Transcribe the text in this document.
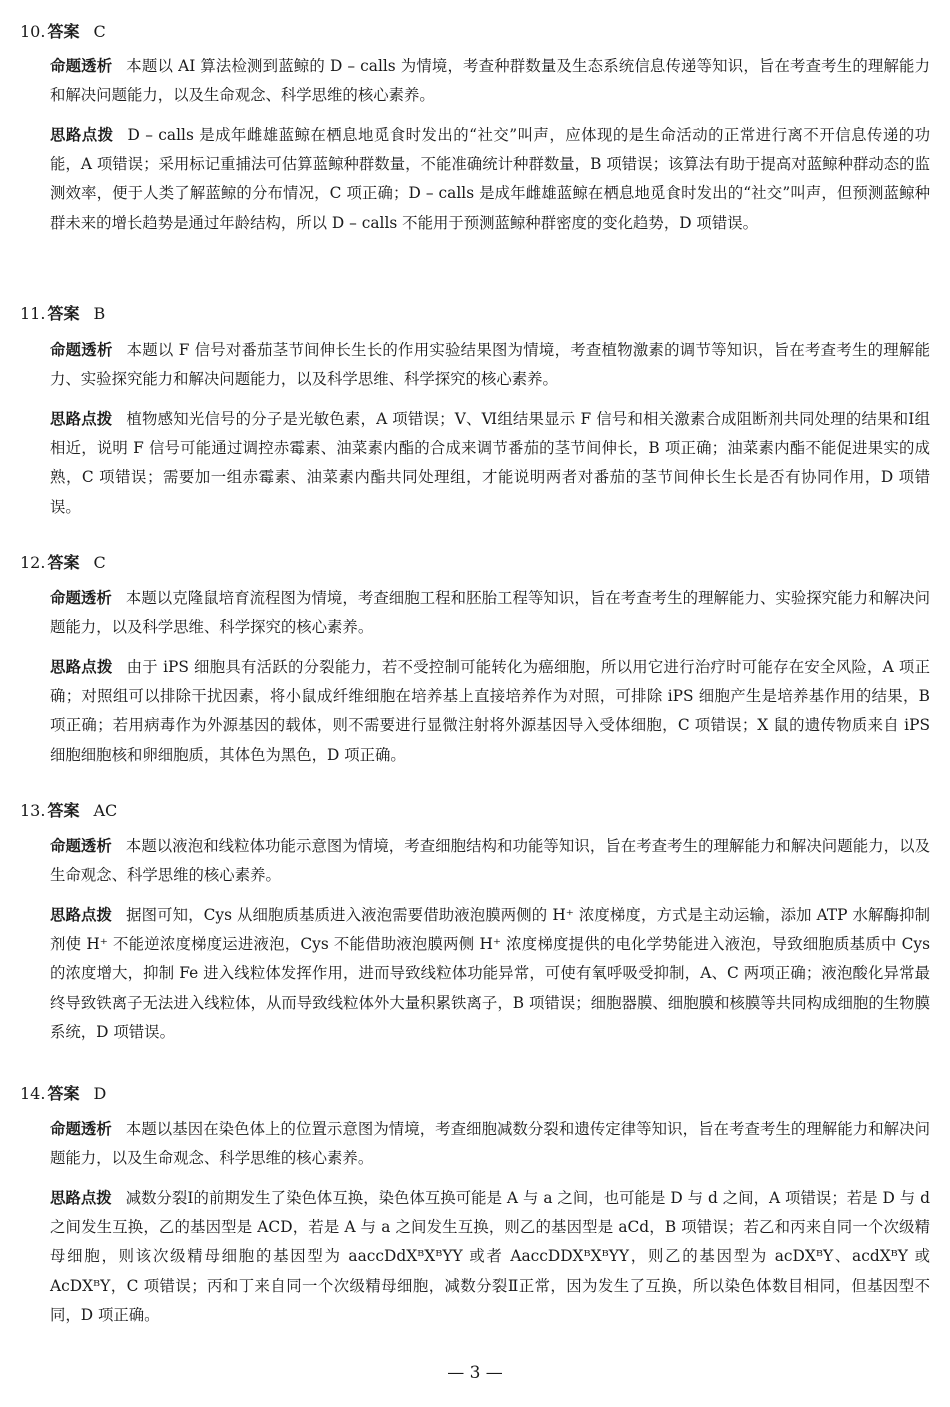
10. 答案 C
命题透析 本题以 AI 算法检测到蓝鲸的 D – calls 为情境，考查种群数量及生态系统信息传递等知识，旨在考查考生的理解能力和解决问题能力，以及生命观念、科学思维的核心素养。
思路点拨 D – calls 是成年雌雄蓝鲸在栖息地觅食时发出的“社交”叫声，应体现的是生命活动的正常进行离不开信息传递的功能，A 项错误；采用标记重捕法可估算蓝鲸种群数量，不能准确统计种群数量，B 项错误；该算法有助于提高对蓝鲸种群动态的监测效率，便于人类了解蓝鲸的分布情况，C 项正确；D – calls 是成年雌雄蓝鲸在栖息地觅食时发出的“社交”叫声，但预测蓝鲸种群未来的增长趋势是通过年龄结构，所以 D – calls 不能用于预测蓝鲸种群密度的变化趋势，D 项错误。
11. 答案 B
命题透析 本题以 F 信号对番茄茎节间伸长生长的作用实验结果图为情境，考查植物激素的调节等知识，旨在考查考生的理解能力、实验探究能力和解决问题能力，以及科学思维、科学探究的核心素养。
思路点拨 植物感知光信号的分子是光敏色素，A 项错误；Ⅴ、Ⅵ组结果显示 F 信号和相关激素合成阻断剂共同处理的结果和Ⅰ组相近，说明 F 信号可能通过调控赤霉素、油菜素内酯的合成来调节番茄的茎节间伸长，B 项正确；油菜素内酯不能促进果实的成熟，C 项错误；需要加一组赤霉素、油菜素内酯共同处理组，才能说明两者对番茄的茎节间伸长生长是否有协同作用，D 项错误。
12. 答案 C
命题透析 本题以克隆鼠培育流程图为情境，考查细胞工程和胚胎工程等知识，旨在考查考生的理解能力、实验探究能力和解决问题能力，以及科学思维、科学探究的核心素养。
思路点拨 由于 iPS 细胞具有活跃的分裂能力，若不受控制可能转化为癌细胞，所以用它进行治疗时可能存在安全风险，A 项正确；对照组可以排除干扰因素，将小鼠成纤维细胞在培养基上直接培养作为对照，可排除 iPS 细胞产生是培养基作用的结果，B 项正确；若用病毒作为外源基因的载体，则不需要进行显微注射将外源基因导入受体细胞，C 项错误；X 鼠的遗传物质来自 iPS 细胞细胞核和卵细胞质，其体色为黑色，D 项正确。
13. 答案 AC
命题透析 本题以液泡和线粒体功能示意图为情境，考查细胞结构和功能等知识，旨在考查考生的理解能力和解决问题能力，以及生命观念、科学思维的核心素养。
思路点拨 据图可知，Cys 从细胞质基质进入液泡需要借助液泡膜两侧的 H⁺ 浓度梯度，方式是主动运输，添加 ATP 水解酶抑制剂使 H⁺ 不能逆浓度梯度运进液泡，Cys 不能借助液泡膜两侧 H⁺ 浓度梯度提供的电化学势能进入液泡，导致细胞质基质中 Cys 的浓度增大，抑制 Fe 进入线粒体发挥作用，进而导致线粒体功能异常，可使有氧呼吸受抑制，A、C 两项正确；液泡酸化异常最终导致铁离子无法进入线粒体，从而导致线粒体外大量积累铁离子，B 项错误；细胞器膜、细胞膜和核膜等共同构成细胞的生物膜系统，D 项错误。
14. 答案 D
命题透析 本题以基因在染色体上的位置示意图为情境，考查细胞减数分裂和遗传定律等知识，旨在考查考生的理解能力和解决问题能力，以及生命观念、科学思维的核心素养。
思路点拨 减数分裂Ⅰ的前期发生了染色体互换，染色体互换可能是 A 与 a 之间，也可能是 D 与 d 之间，A 项错误；若是 D 与 d 之间发生互换，乙的基因型是 ACD，若是 A 与 a 之间发生互换，则乙的基因型是 aCd，B 项错误；若乙和丙来自同一个次级精母细胞，则该次级精母细胞的基因型为 aaccDdXᴮXᴮYY 或者 AaccDDXᴮXᴮYY，则乙的基因型为 acDXᴮY、acdXᴮY 或 AcDXᴮY，C 项错误；丙和丁来自同一个次级精母细胞，减数分裂Ⅱ正常，因为发生了互换，所以染色体数目相同，但基因型不同，D 项正确。
— 3 —
